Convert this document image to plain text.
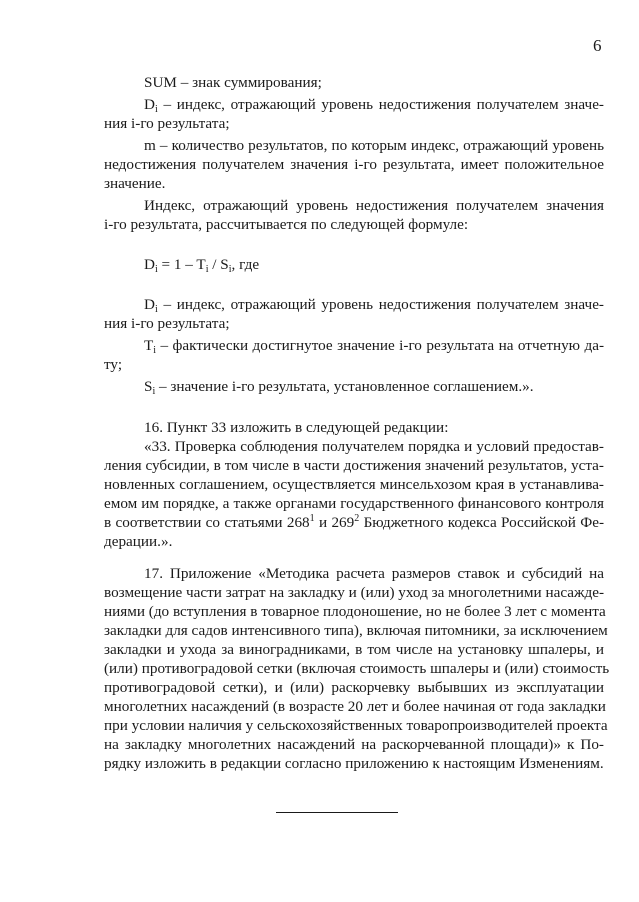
6
SUM – знак суммирования;
$D_i$ – индекс, отражающий уровень недостижения получателем значе-
ния i-го результата;
m – количество результатов, по которым индекс, отражающий уровень
недостижения получателем значения i-го результата, имеет положительное
значение.
Индекс, отражающий уровень недостижения получателем значения
i-го результата, рассчитывается по следующей формуле:
$D_i = 1 - T_i / S_i$, где
$D_i$ – индекс, отражающий уровень недостижения получателем значе-
ния i-го результата;
$T_i$ – фактически достигнутое значение i-го результата на отчетную да-
ту;
$S_i$ – значение i-го результата, установленное соглашением.».
16. Пункт 33 изложить в следующей редакции:
«33. Проверка соблюдения получателем порядка и условий предостав-
ления субсидии, в том числе в части достижения значений результатов, уста-
новленных соглашением, осуществляется минсельхозом края в устанавлива-
емом им порядке, а также органами государственного финансового контроля
в соответствии со статьями $268^1$ и $269^2$ Бюджетного кодекса Российской Фе-
дерации.».
17. Приложение «Методика расчета размеров ставок и субсидий на
возмещение части затрат на закладку и (или) уход за многолетними насажде-
ниями (до вступления в товарное плодоношение, но не более 3 лет с момента
закладки для садов интенсивного типа), включая питомники, за исключением
закладки и ухода за виноградниками, в том числе на установку шпалеры, и
(или) противоградовой сетки (включая стоимость шпалеры и (или) стоимость
противоградовой сетки), и (или) раскорчевку выбывших из эксплуатации
многолетних насаждений (в возрасте 20 лет и более начиная от года закладки
при условии наличия у сельскохозяйственных товаропроизводителей проекта
на закладку многолетних насаждений на раскорчеванной площади)» к По-
рядку изложить в редакции согласно приложению к настоящим Изменениям.
